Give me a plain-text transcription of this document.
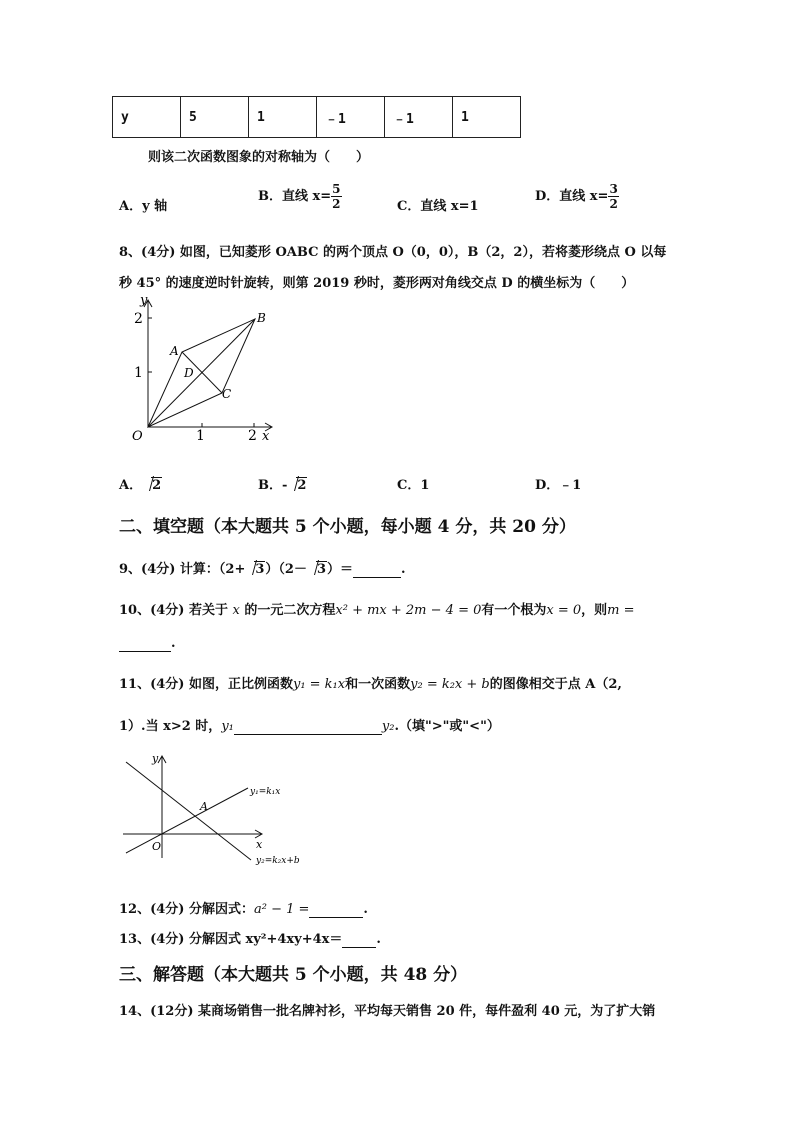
y	5	1	﹣1	﹣1	1
则该二次函数图象的对称轴为（　　）
A．y 轴
B．直线 $x= \frac{5}{2}$	C．直线 x=1
D．直线 $x= \frac{3}{2}$
8、(4分) 如图，已知菱形 OABC 的两个顶点 O（0，0），B（2，2），若将菱形绕点 O 以每
秒 45° 的速度逆时针旋转，则第 2019 秒时，菱形两对角线交点 D 的横坐标为（　　）
y
x
O	1	2
1
2
A
B
C
D
A． 2	B．- 2	C．1	D．﹣1
二、填空题（本大题共 5 个小题，每小题 4 分，共 20 分）
9、(4分) 计算：（2+ 3）（2－ 3）＝	.
10、(4分) 若关于 x 的一元二次方程x² + mx + 2m − 4 = 0有一个根为x = 0，则m =
.
11、(4分) 如图，正比例函数y₁ = k₁x和一次函数y₂ = k₂x + b的图像相交于点 A（2,
1）.当 x>2 时，y₁	y₂.（填">"或"<"）
y
x
O
A
y₁=k₁x
y₂=k₂x+b
12、(4分) 分解因式：a² − 1 =	.
13、(4分) 分解因式 xy²+4xy+4x＝	.
三、解答题（本大题共 5 个小题，共 48 分）
14、(12分) 某商场销售一批名牌衬衫，平均每天销售 20 件，每件盈利 40 元，为了扩大销
